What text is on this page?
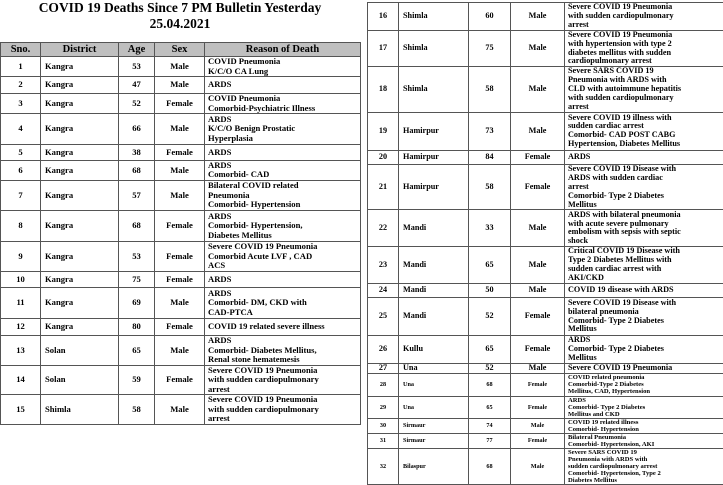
COVID 19 Deaths Since 7 PM Bulletin Yesterday
25.04.2021
Sno.	District	Age	Sex	Reason of Death
1	Kangra	53	Male	COVID Pneumonia
K/C/O CA Lung

2	Kangra	47	Male	ARDS

3	Kangra	52	Female	COVID Pneumonia
Comorbid-Psychiatric Illness

4	Kangra	66	Male	ARDS
K/C/O Benign Prostatic
Hyperplasia

5	Kangra	38	Female	ARDS

6	Kangra	68	Male	ARDS
Comorbid- CAD

7	Kangra	57	Male	Bilateral COVID related
Pneumonia
Comorbid- Hypertension

8	Kangra	68	Female	ARDS
Comorbid- Hypertension,
Diabetes Mellitus

9	Kangra	53	Female	Severe COVID 19 Pneumonia
Comorbid Acute LVF , CAD
ACS

10	Kangra	75	Female	ARDS

11	Kangra	69	Male	ARDS
Comorbid- DM, CKD with
CAD-PTCA

12	Kangra	80	Female	COVID 19 related severe illness

13	Solan	65	Male	ARDS
Comorbid- Diabetes Mellitus,
Renal stone hematemesis

14	Solan	59	Female	Severe COVID 19 Pneumonia
with sudden cardiopulmonary
arrest

15	Shimla	58	Male	Severe COVID 19 Pneumonia
with sudden cardiopulmonary
arrest
16	Shimla	60	Male	Severe COVID 19 Pneumonia
with sudden cardiopulmonary
arrest

17	Shimla	75	Male	Severe COVID 19 Pneumonia
with hypertension with type 2
diabetes mellitus with sudden
cardiopulmonary arrest

18	Shimla	58	Male	Severe SARS COVID 19
Pneumonia with ARDS with
CLD with autoimmune hepatitis
with sudden cardiopulmonary
arrest

19	Hamirpur	73	Male	Severe COVID 19 illness with
sudden cardiac arrest
Comorbid- CAD POST CABG
Hypertension, Diabetes Mellitus

20	Hamirpur	84	Female	ARDS

21	Hamirpur	58	Female	Severe COVID 19 Disease with
ARDS with sudden cardiac
arrest
Comorbid- Type 2 Diabetes
Mellitus

22	Mandi	33	Male	ARDS with bilateral pneumonia
with acute severe pulmonary
embolism with sepsis with septic
shock

23	Mandi	65	Male	Critical COVID 19 Disease with
Type 2 Diabetes Mellitus with
sudden cardiac arrest with
AKI/CKD

24	Mandi	50	Male	COVID 19 disease with ARDS

25	Mandi	52	Female	Severe COVID 19 Disease with
bilateral pneumonia
Comorbid- Type 2 Diabetes
Mellitus

26	Kullu	65	Female	ARDS
Comorbid- Type 2 Diabetes
Mellitus

27	Una	52	Male	Severe COVID 19 Pneumonia

28	Una	68	Female	COVID related pneumonia
Comorbid-Type 2 Diabetes
Mellitus, CAD, Hypertension

29	Una	65	Female	ARDS
Comorbid- Type 2 Diabetes
Mellitus and CKD

30	Sirmaur	74	Male	COVID 19 related illness
Comorbid- Hypertension

31	Sirmaur	77	Female	Bilateral Pneumonia
Comorbid- Hypertension, AKI

32	Bilaspur	68	Male	Severe SARS COVID 19
Pneumonia with ARDS with
sudden cardiopulmonary arrest
Comorbid- Hypertension, Type 2
Diabetes Mellitus
